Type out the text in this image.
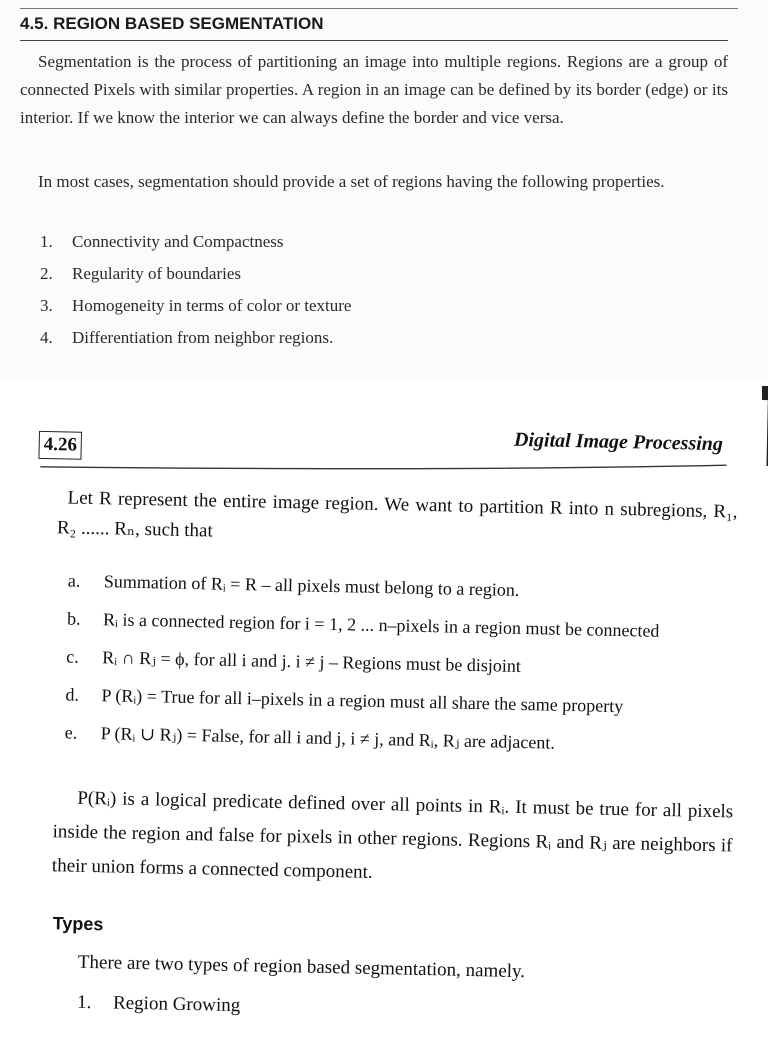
4.5. REGION BASED SEGMENTATION

Segmentation is the process of partitioning an image into multiple regions. Regions are a group of connected Pixels with similar properties. A region in an image can be defined by its border (edge) or its interior. If we know the interior we can always define the border and vice versa.

In most cases, segmentation should provide a set of regions having the following properties.

1. Connectivity and Compactness
2. Regularity of boundaries
3. Homogeneity in terms of color or texture
4. Differentiation from neighbor regions.
4.26	Digital Image Processing

Let R represent the entire image region. We want to partition R into n subregions, R₁, R₂ ...... Rₙ, such that

a. Summation of Rᵢ = R – all pixels must belong to a region.
b. Rᵢ is a connected region for i = 1, 2 ... n–pixels in a region must be connected
c. Rᵢ ∩ Rⱼ = ϕ, for all i and j. i ≠ j – Regions must be disjoint
d. P (Rᵢ) = True for all i–pixels in a region must all share the same property
e. P (Rᵢ ∪ Rⱼ) = False, for all i and j, i ≠ j, and Rᵢ, Rⱼ are adjacent.

P(Rᵢ) is a logical predicate defined over all points in Rᵢ. It must be true for all pixels inside the region and false for pixels in other regions. Regions Rᵢ and Rⱼ are neighbors if their union forms a connected component.

Types
There are two types of region based segmentation, namely.
1. Region Growing
